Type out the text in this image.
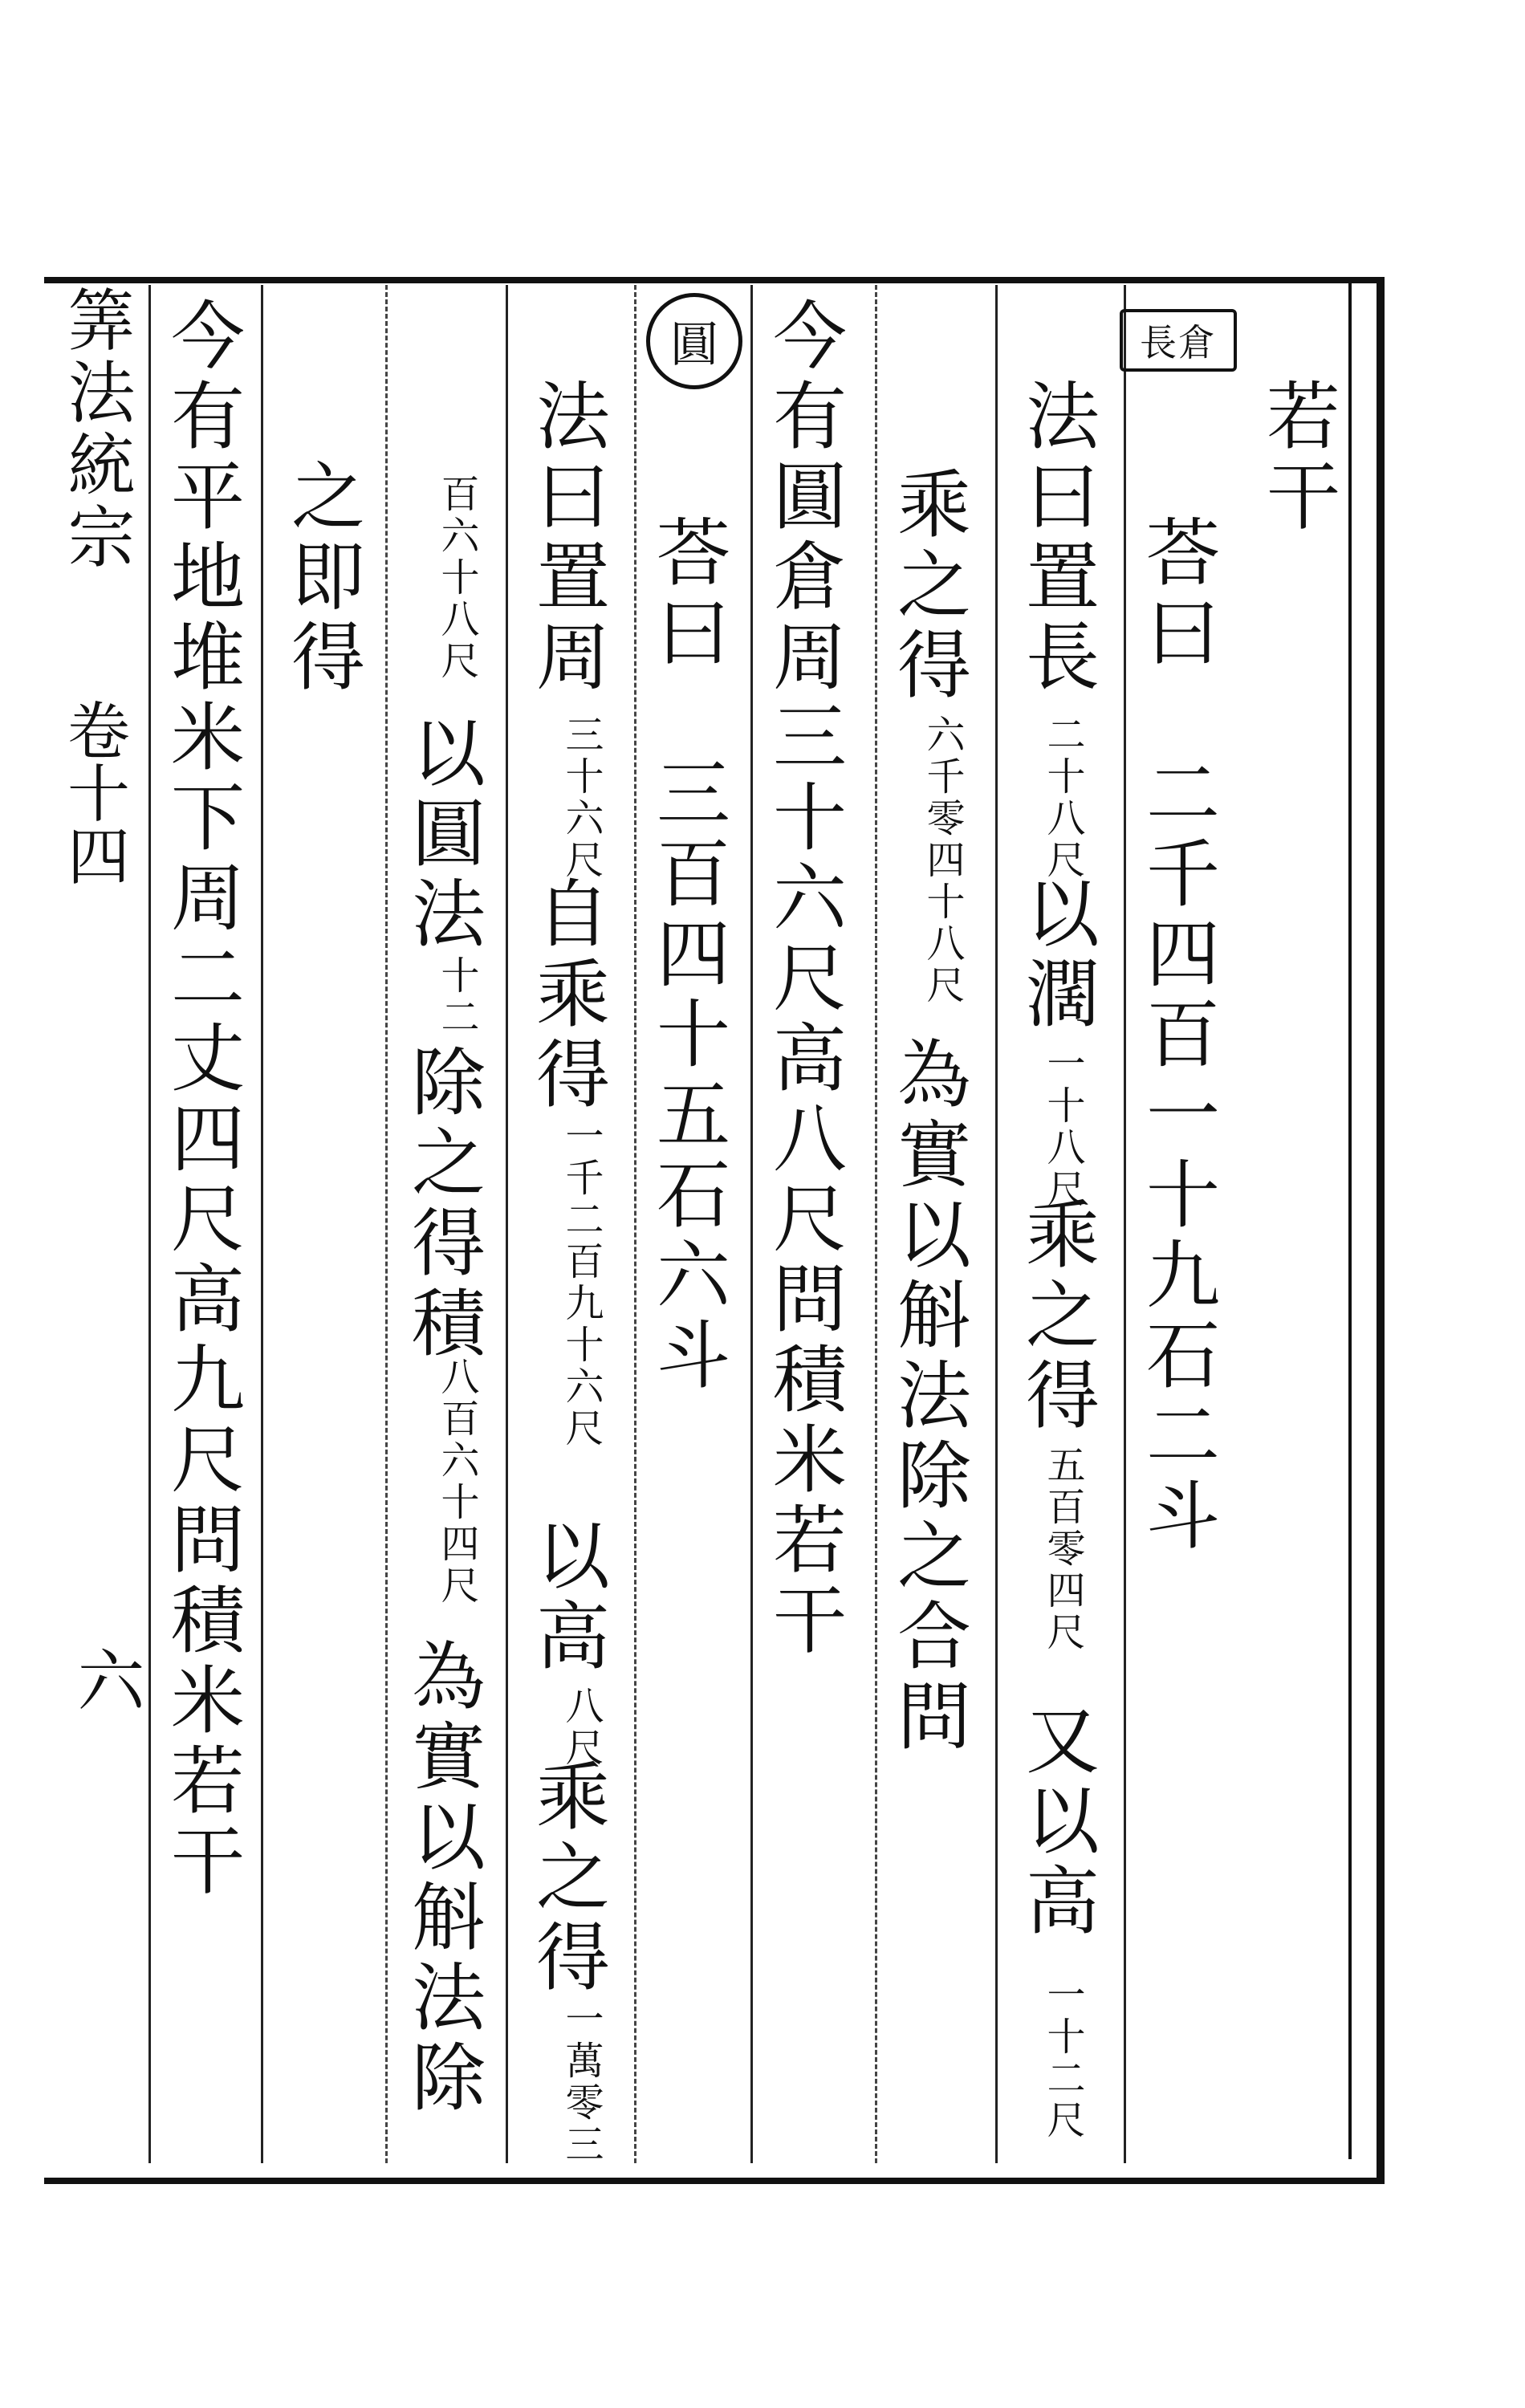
筭法統宗
卷十四
六
長倉
圓
若干
荅曰　二千四百一十九石二斗
法曰置長
二十八尺
以濶
一十八尺
乘之得
五百零四尺
又以高
一十二尺
乘之得
六千零四十八尺
為實以斛法除之合問
今有圓倉周三十六尺高八尺問積米若干
荅曰　三百四十五石六斗
法曰置周
三十六尺
自乘得
一千二百九十六尺
以高
八尺
乘之得
一萬零三
百六十八尺
以圓法
十二
除之得積
八百六十四尺
為實以斛法除
之即得
今有平地堆米下周二丈四尺高九尺問積米若干
